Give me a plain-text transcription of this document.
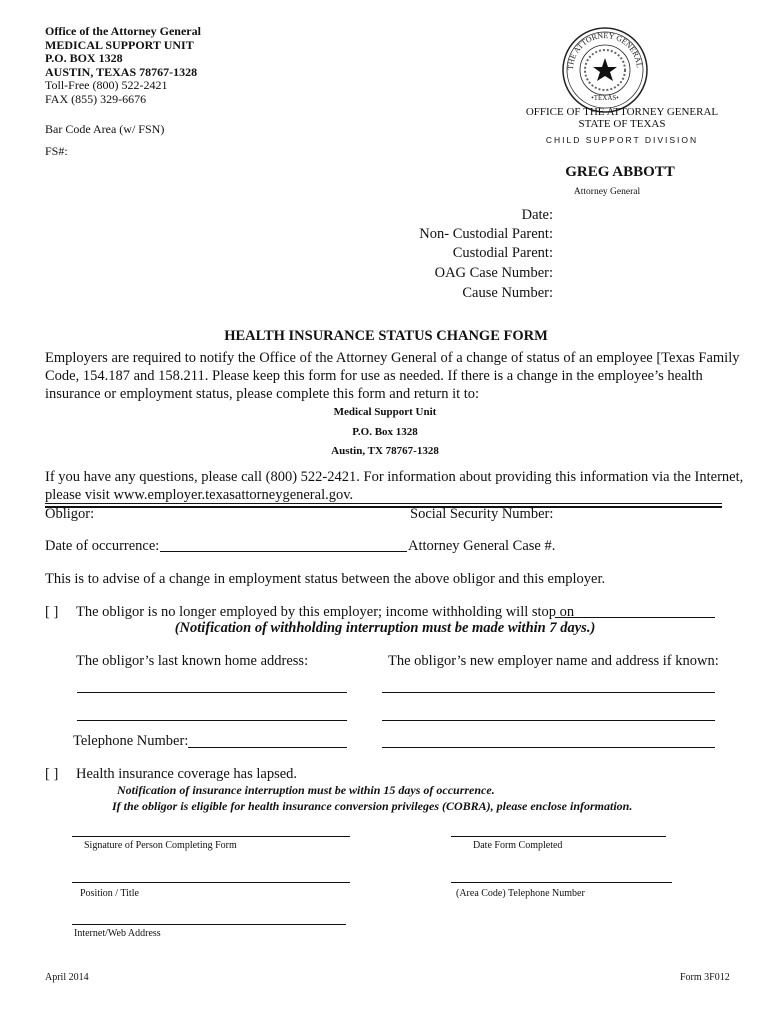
Office of the Attorney General
MEDICAL SUPPORT UNIT
P.O. BOX 1328
AUSTIN, TEXAS 78767-1328
Toll-Free (800) 522-2421
FAX (855) 329-6676
Bar Code Area (w/ FSN)
FS#:
THE ATTORNEY GENERAL
•TEXAS•
OFFICE OF THE ATTORNEY GENERAL
STATE OF TEXAS
CHILD SUPPORT DIVISION
GREG ABBOTT
Attorney General
Date:
Non- Custodial Parent:
Custodial Parent:
OAG Case Number:
Cause Number:
HEALTH INSURANCE STATUS CHANGE FORM
Employers are required to notify the Office of the Attorney General of a change of status of an employee [Texas Family
Code, 154.187 and 158.211. Please keep this form for use as needed. If there is a change in the employee’s health
insurance or employment status, please complete this form and return it to:
Medical Support Unit
P.O. Box 1328
Austin, TX 78767-1328
If you have any questions, please call (800) 522-2421. For information about providing this information via the Internet,
please visit www.employer.texasattorneygeneral.gov.
Obligor:	Social Security Number:
Date of occurrence:	Attorney General Case #.
This is to advise of a change in employment status between the above obligor and this employer.
[ ] The obligor is no longer employed by this employer; income withholding will stop on
(Notification of withholding interruption must be made within 7 days.)
The obligor’s last known home address:	The obligor’s new employer name and address if known:
Telephone Number:
[ ] Health insurance coverage has lapsed.
Notification of insurance interruption must be within 15 days of occurrence.
If the obligor is eligible for health insurance conversion privileges (COBRA), please enclose information.
Signature of Person Completing Form	Date Form Completed
Position / Title	(Area Code) Telephone Number
Internet/Web Address
April 2014	Form 3F012
